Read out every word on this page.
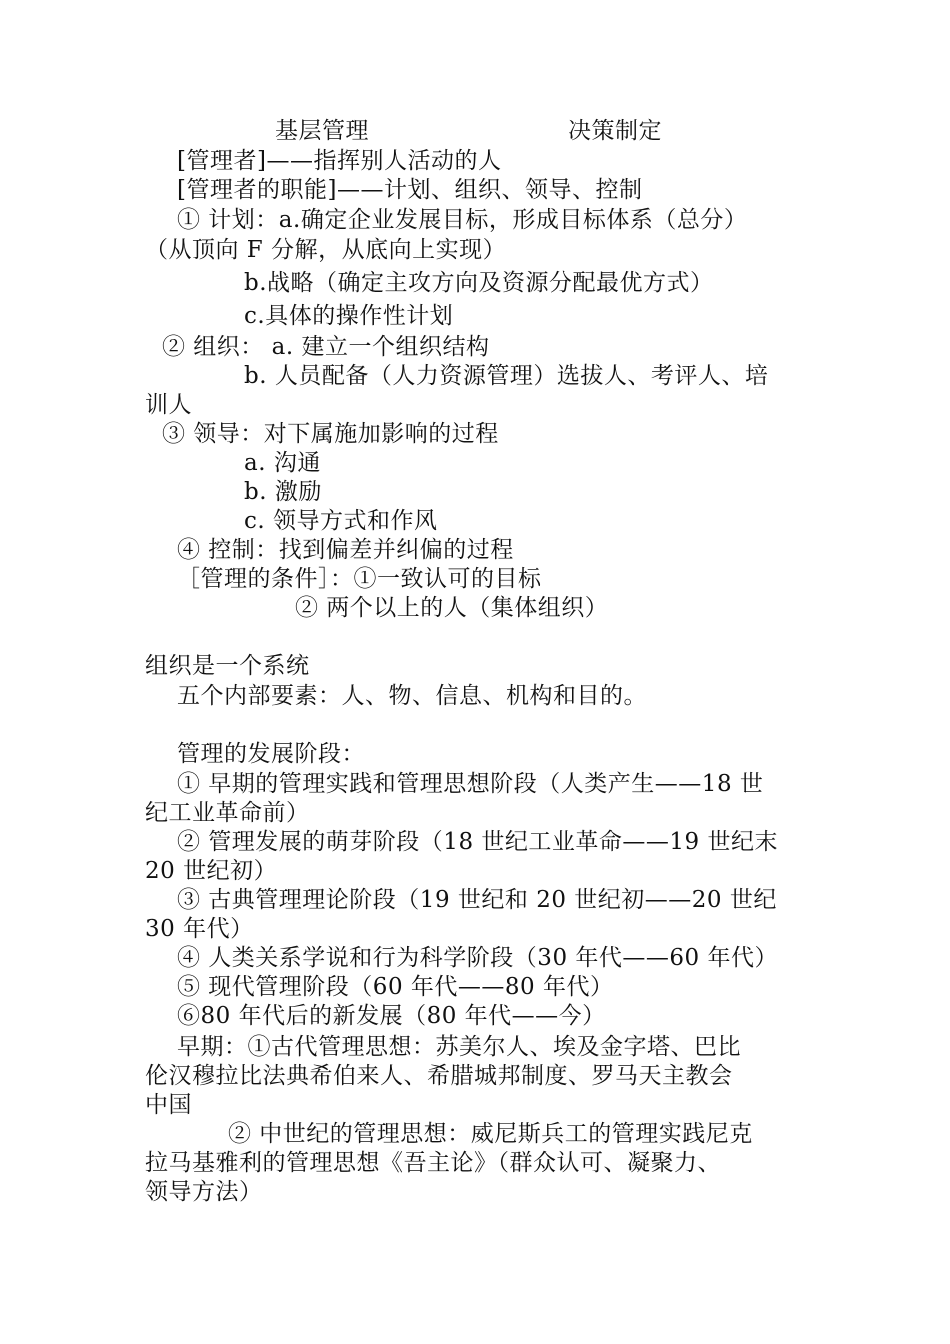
基层管理	决策制定
[管理者]——指挥别人活动的人
[管理者的职能]——计划、组织、领导、控制
① 计划：a.确定企业发展目标，形成目标体系（总分）
（从顶向 F 分解，从底向上实现）
b.战略（确定主攻方向及资源分配最优方式）
c.具体的操作性计划
② 组织： a. 建立一个组织结构
b. 人员配备（人力资源管理）选拔人、考评人、培
训人
③ 领导：对下属施加影响的过程
a. 沟通
b. 激励
c. 领导方式和作风
④ 控制：找到偏差并纠偏的过程
［管理的条件］：①一致认可的目标
② 两个以上的人（集体组织）
组织是一个系统
五个内部要素：人、物、信息、机构和目的。
管理的发展阶段：
① 早期的管理实践和管理思想阶段（人类产生——18 世
纪工业革命前）
② 管理发展的萌芽阶段（18 世纪工业革命——19 世纪末
20 世纪初）
③ 古典管理理论阶段（19 世纪和 20 世纪初——20 世纪
30 年代）
④ 人类关系学说和行为科学阶段（30 年代——60 年代）
⑤ 现代管理阶段（60 年代——80 年代）
⑥80 年代后的新发展（80 年代——今）
早期：①古代管理思想：苏美尔人、埃及金字塔、巴比
伦汉穆拉比法典希伯来人、希腊城邦制度、罗马天主教会
中国
② 中世纪的管理思想：威尼斯兵工的管理实践尼克
拉马基雅利的管理思想《吾主论》（群众认可、凝聚力、
领导方法）
